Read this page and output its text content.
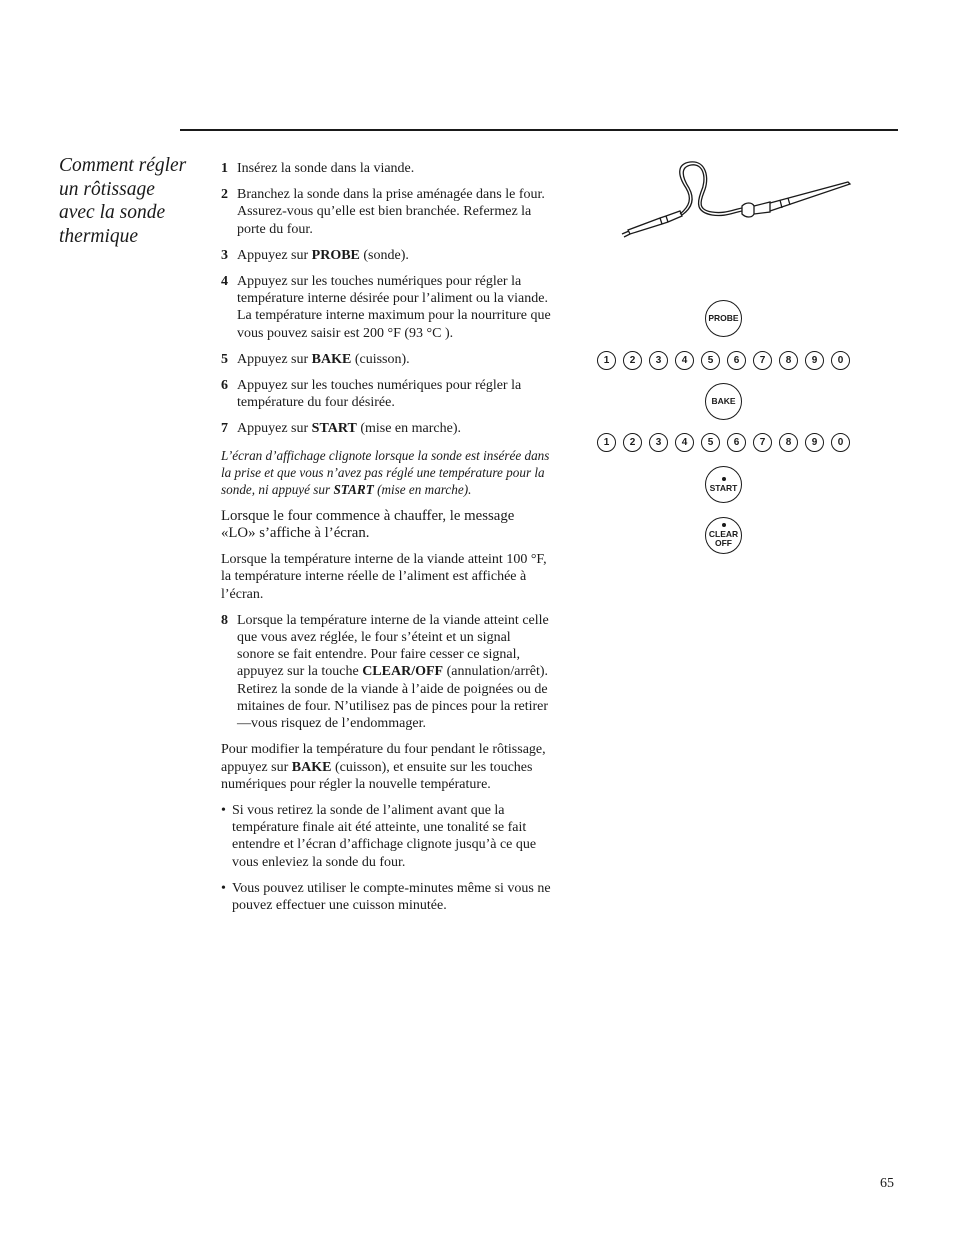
Comment régler
un rôtissage
avec la sonde
thermique
1 Insérez la sonde dans la viande.
2 Branchez la sonde dans la prise aménagée dans le four. Assurez-vous qu’elle est bien branchée. Refermez la porte du four.
3 Appuyez sur PROBE (sonde).
4 Appuyez sur les touches numériques pour régler la température interne désirée pour l’aliment ou la viande. La température interne maximum pour la nourriture que vous pouvez saisir est 200 °F (93 °C ).
5 Appuyez sur BAKE (cuisson).
6 Appuyez sur les touches numériques pour régler la température du four désirée.
7 Appuyez sur START (mise en marche).
L’écran d’affichage clignote lorsque la sonde est insérée dans la prise et que vous n’avez pas réglé une température pour la sonde, ni appuyé sur START (mise en marche).
Lorsque le four commence à chauffer, le message «LO» s’affiche à l’écran.
Lorsque la température interne de la viande atteint 100 °F, la température interne réelle de l’aliment est affichée à l’écran.
8 Lorsque la température interne de la viande atteint celle que vous avez réglée, le four s’éteint et un signal sonore se fait entendre. Pour faire cesser ce signal, appuyez sur la touche CLEAR/OFF (annulation/arrêt). Retirez la sonde de la viande à l’aide de poignées ou de mitaines de four. N’utilisez pas de pinces pour la retirer—vous risquez de l’endommager.
Pour modifier la température du four pendant le rôtissage, appuyez sur BAKE (cuisson), et ensuite sur les touches numériques pour régler la nouvelle température.
• Si vous retirez la sonde de l’aliment avant que la température finale ait été atteinte, une tonalité se fait entendre et l’écran d’affichage clignote jusqu’à ce que vous enleviez la sonde du four.
• Vous pouvez utiliser le compte-minutes même si vous ne pouvez effectuer une cuisson minutée.
PROBE
1	2	3	4	5	6	7	8	9	0
BAKE
1	2	3	4	5	6	7	8	9	0
START
CLEAR
OFF
65
